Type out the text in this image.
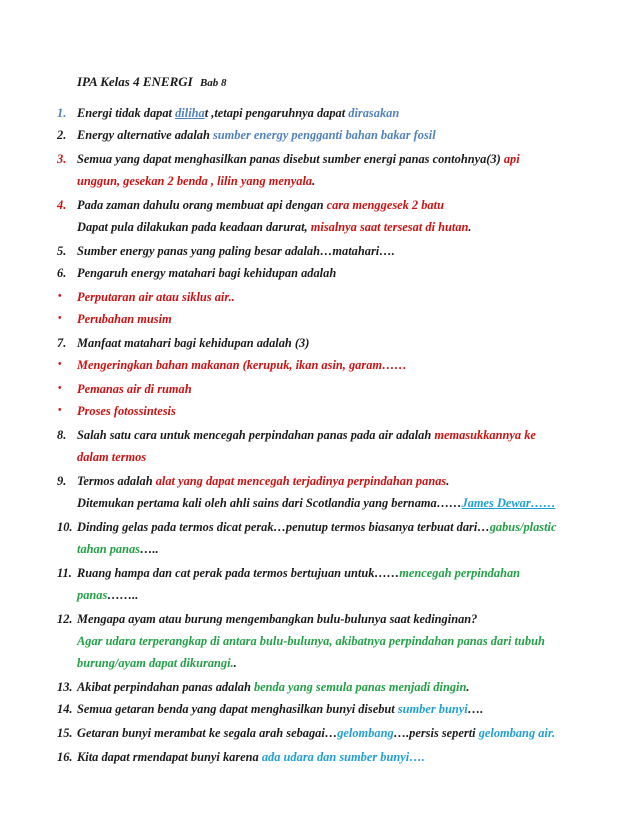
IPA Kelas 4 ENERGI Bab 8
1. Energi tidak dapat dilihat ,tetapi pengaruhnya dapat dirasakan
2. Energy alternative adalah sumber energy pengganti bahan bakar fosil
3. Semua yang dapat menghasilkan panas disebut sumber energi panas contohnya(3) api
unggun, gesekan 2 benda , lilin yang menyala.
4. Pada zaman dahulu orang membuat api dengan cara menggesek 2 batu
Dapat pula dilakukan pada keadaan darurat, misalnya saat tersesat di hutan.
5. Sumber energy panas yang paling besar adalah…matahari….
6. Pengaruh energy matahari bagi kehidupan adalah
• Perputaran air atau siklus air..
• Perubahan musim
7. Manfaat matahari bagi kehidupan adalah (3)
• Mengeringkan bahan makanan (kerupuk, ikan asin, garam……
• Pemanas air di rumah
• Proses fotossintesis
8. Salah satu cara untuk mencegah perpindahan panas pada air adalah memasukkannya ke
dalam termos
9. Termos adalah alat yang dapat mencegah terjadinya perpindahan panas.
Ditemukan pertama kali oleh ahli sains dari Scotlandia yang bernama……James Dewar……
10. Dinding gelas pada termos dicat perak…penutup termos biasanya terbuat dari…gabus/plastic
tahan panas…..
11. Ruang hampa dan cat perak pada termos bertujuan untuk……mencegah perpindahan
panas……..
12. Mengapa ayam atau burung mengembangkan bulu-bulunya saat kedinginan?
Agar udara terperangkap di antara bulu-bulunya, akibatnya perpindahan panas dari tubuh
burung/ayam dapat dikurangi..
13. Akibat perpindahan panas adalah benda yang semula panas menjadi dingin.
14. Semua getaran benda yang dapat menghasilkan bunyi disebut sumber bunyi….
15. Getaran bunyi merambat ke segala arah sebagai…gelombang….persis seperti gelombang air.
16. Kita dapat rmendapat bunyi karena ada udara dan sumber bunyi….
